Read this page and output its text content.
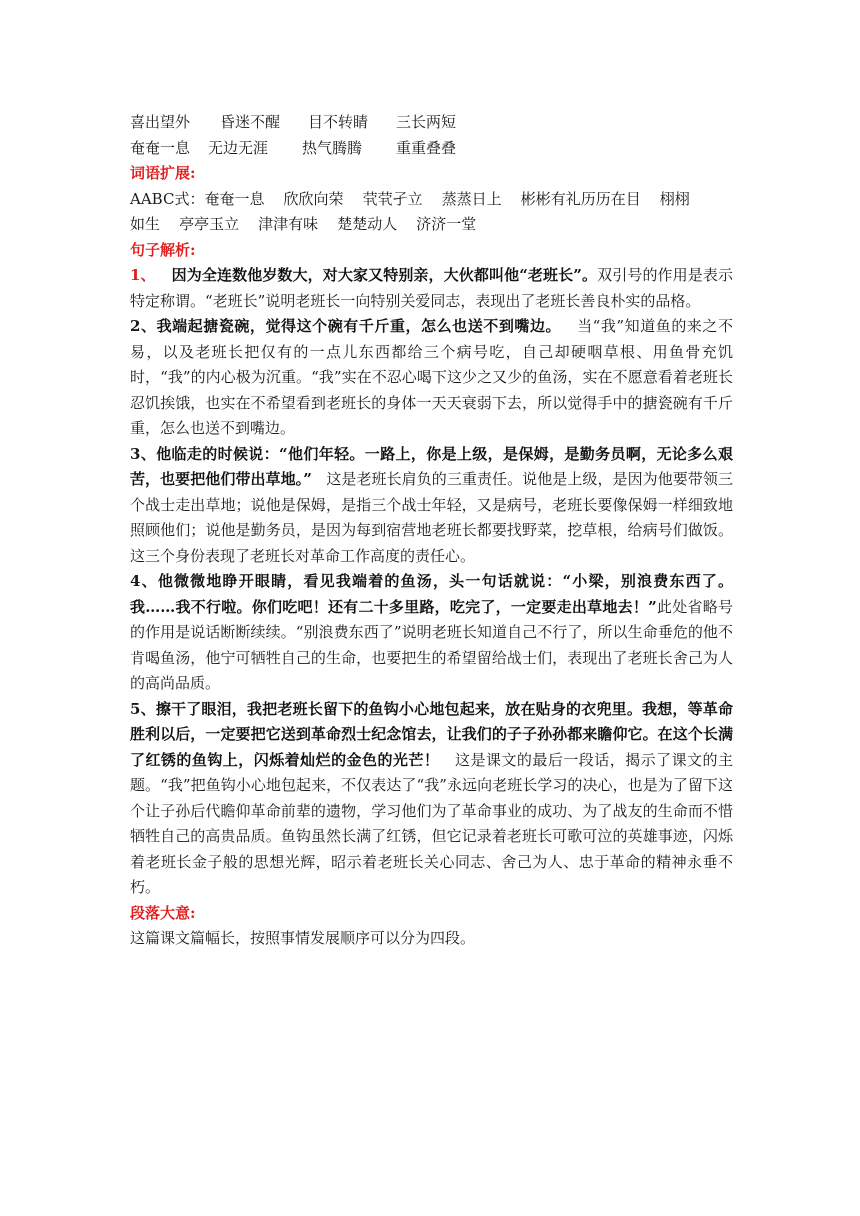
喜出望外 昏迷不醒 目不转睛 三长两短
奄奄一息 无边无涯 热气腾腾 重重叠叠
词语扩展:
AABC式：奄奄一息    欣欣向荣    茕茕孑立    蒸蒸日上    彬彬有礼历历在目    栩栩
如生    亭亭玉立    津津有味    楚楚动人    济济一堂
句子解析:
1、   因为全连数他岁数大，对大家又特别亲，大伙都叫他“老班长”。双引号的作用是表示特定称谓。“老班长”说明老班长一向特别关爱同志，表现出了老班长善良朴实的品格。
2、我端起搪瓷碗，觉得这个碗有千斤重，怎么也送不到嘴边。   当“我”知道鱼的来之不易，以及老班长把仅有的一点儿东西都给三个病号吃，自己却硬咽草根、用鱼骨充饥时，“我”的内心极为沉重。“我”实在不忍心喝下这少之又少的鱼汤，实在不愿意看着老班长忍饥挨饿，也实在不希望看到老班长的身体一天天衰弱下去，所以觉得手中的搪瓷碗有千斤重，怎么也送不到嘴边。
3、他临走的时候说：“他们年轻。一路上，你是上级，是保姆，是勤务员啊，无论多么艰苦，也要把他们带出草地。”   这是老班长肩负的三重责任。说他是上级，是因为他要带领三个战士走出草地；说他是保姆，是指三个战士年轻，又是病号，老班长要像保姆一样细致地照顾他们；说他是勤务员，是因为每到宿营地老班长都要找野菜，挖草根，给病号们做饭。这三个身份表现了老班长对革命工作高度的责任心。
4、他微微地睁开眼睛，看见我端着的鱼汤，头一句话就说：“小梁，别浪费东西了。我……我不行啦。你们吃吧！还有二十多里路，吃完了，一定要走出草地去！”此处省略号的作用是说话断断续续。“别浪费东西了”说明老班长知道自己不行了，所以生命垂危的他不肯喝鱼汤，他宁可牺牲自己的生命，也要把生的希望留给战士们，表现出了老班长舍己为人的高尚品质。
5、擦干了眼泪，我把老班长留下的鱼钩小心地包起来，放在贴身的衣兜里。我想，等革命胜利以后，一定要把它送到革命烈士纪念馆去，让我们的子子孙孙都来瞻仰它。在这个长满了红锈的鱼钩上，闪烁着灿烂的金色的光芒！   这是课文的最后一段话，揭示了课文的主题。“我”把鱼钩小心地包起来，不仅表达了“我”永远向老班长学习的决心，也是为了留下这个让子孙后代瞻仰革命前辈的遗物，学习他们为了革命事业的成功、为了战友的生命而不惜牺牲自己的高贵品质。鱼钩虽然长满了红锈，但它记录着老班长可歌可泣的英雄事迹，闪烁着老班长金子般的思想光辉，昭示着老班长关心同志、舍己为人、忠于革命的精神永垂不朽。
段落大意:
这篇课文篇幅长，按照事情发展顺序可以分为四段。
